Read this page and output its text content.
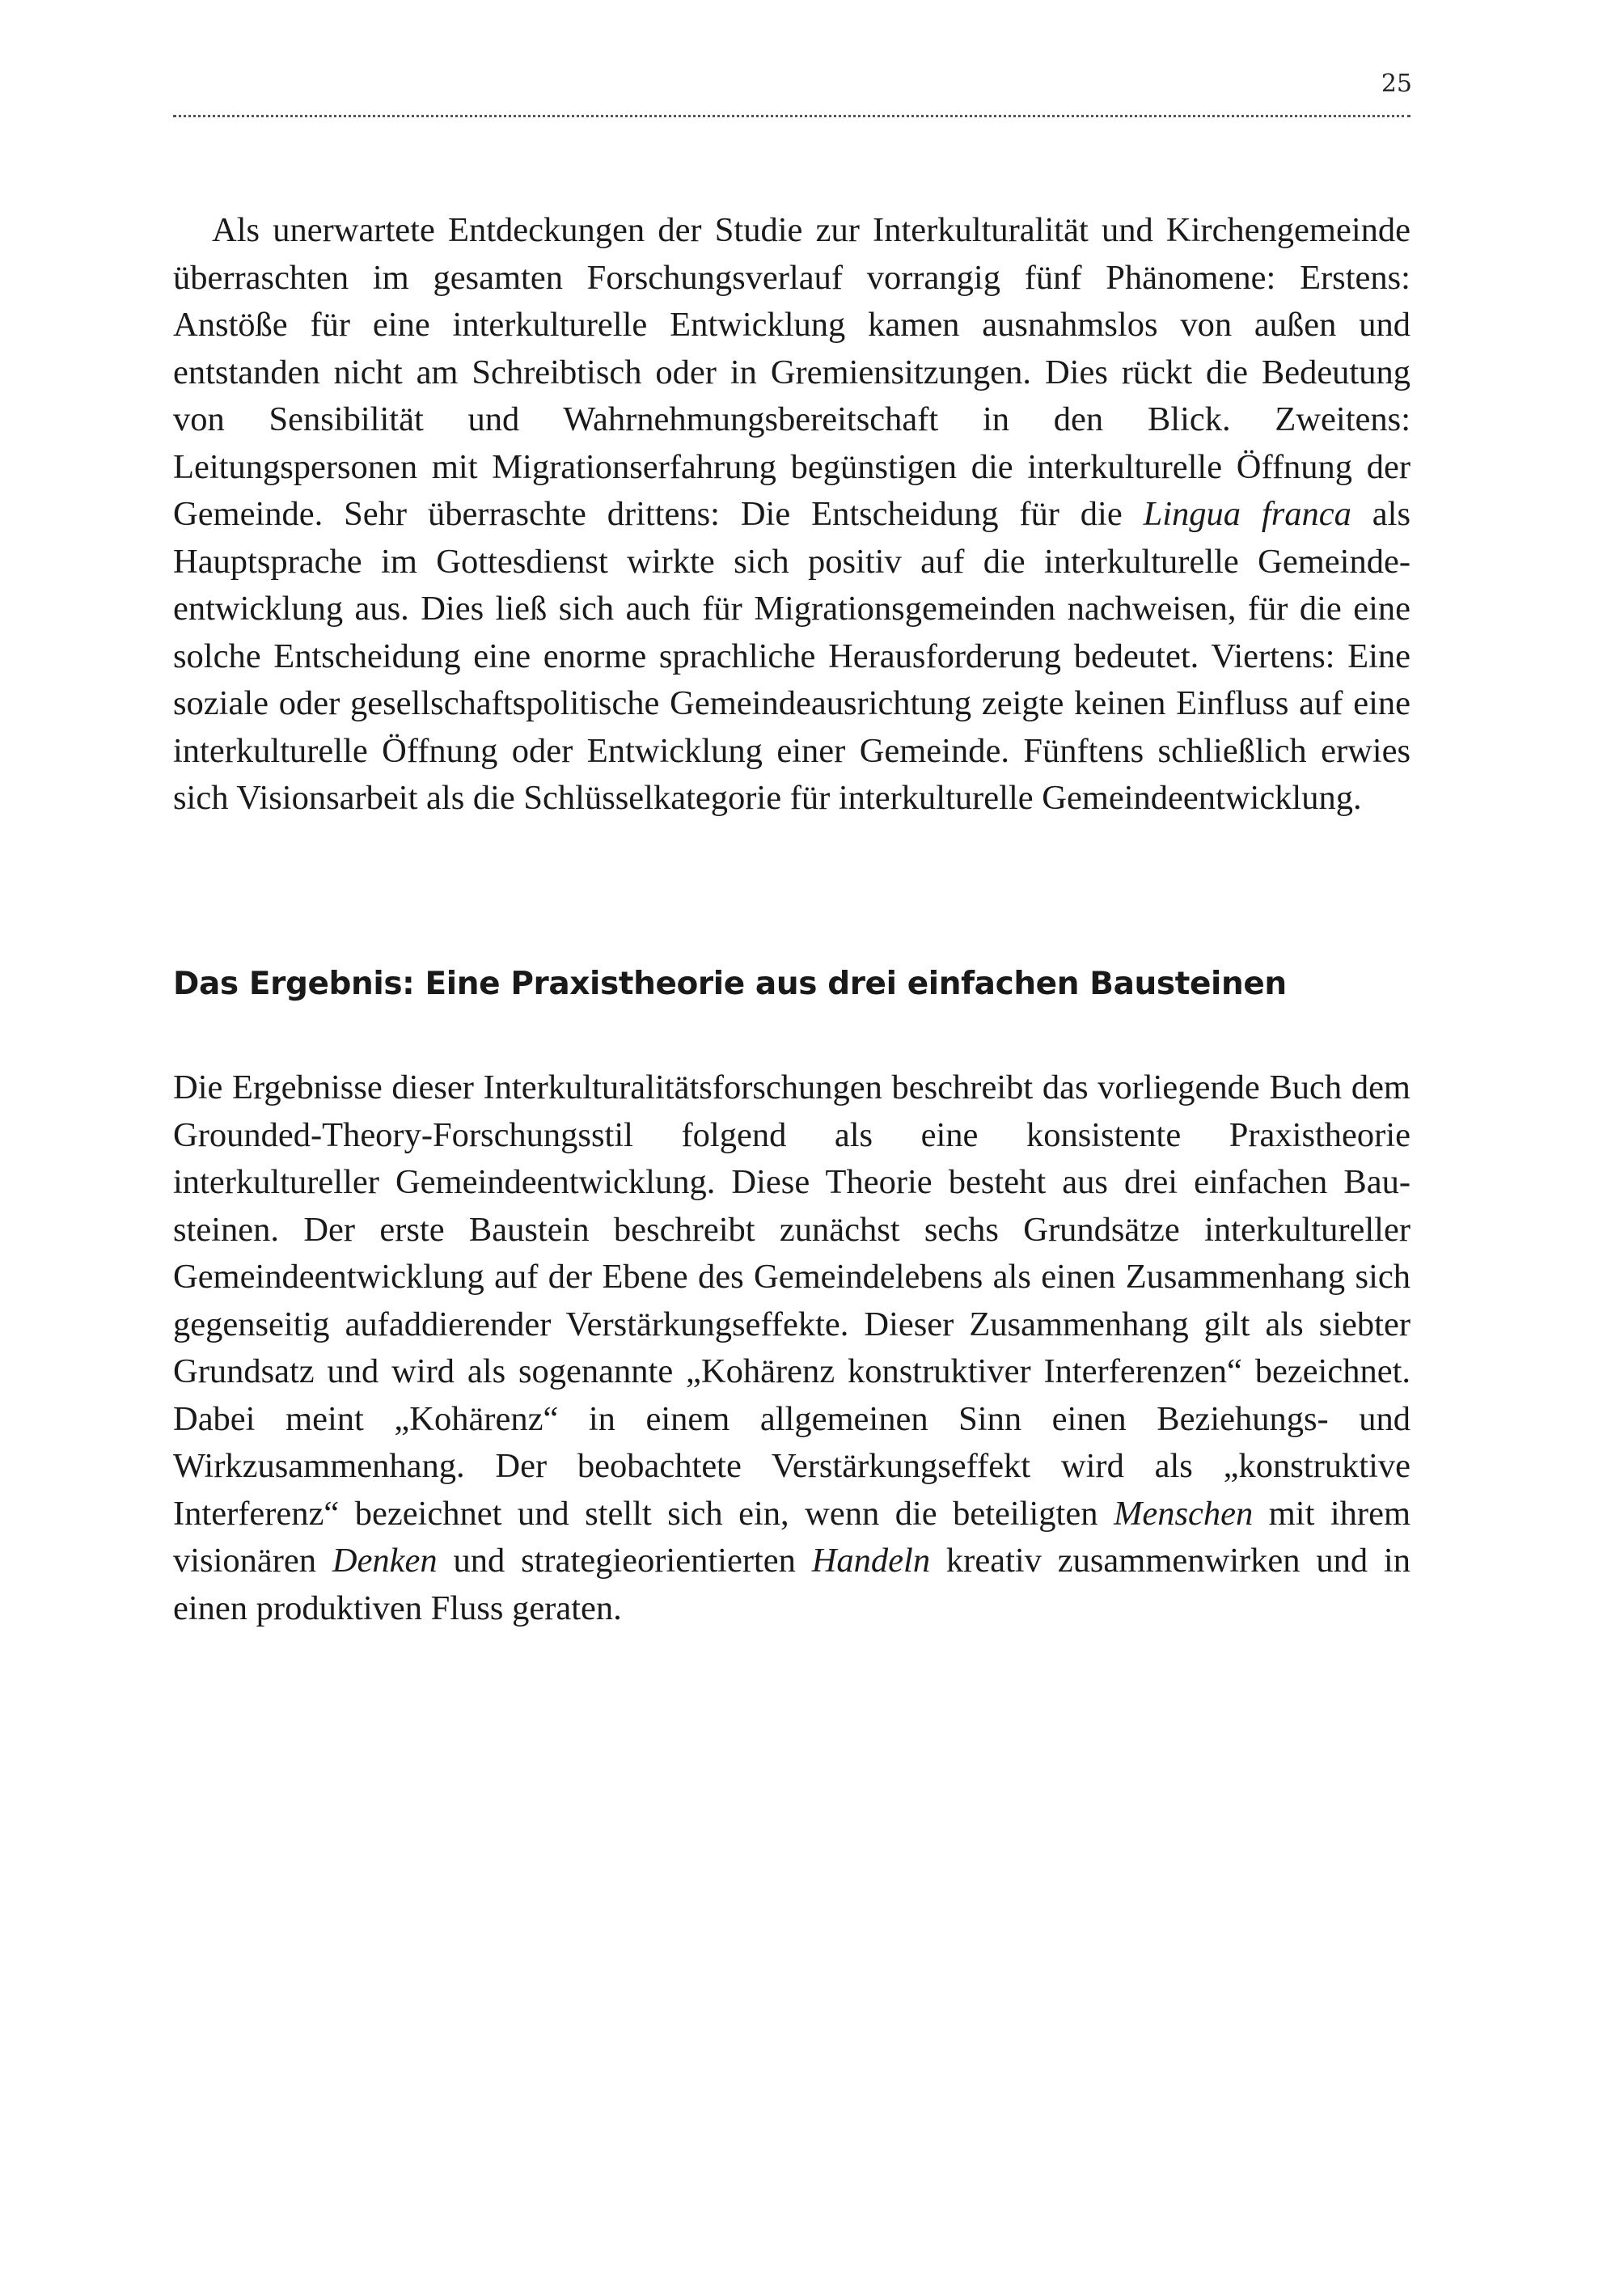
25

Als unerwartete Entdeckungen der Studie zur Interkulturalität und Kirchengemeinde überraschten im gesamten Forschungsverlauf vorrangig fünf Phänomene: Erstens: Anstöße für eine interkulturelle Entwicklung kamen ausnahmslos von außen und entstanden nicht am Schreibtisch oder in Gremiensitzungen. Dies rückt die Bedeutung von Sensibilität und Wahrnehmungsbereitschaft in den Blick. Zweitens: Leitungspersonen mit Migrationserfahrung begünstigen die interkulturelle Öffnung der Gemeinde. Sehr überraschte drittens: Die Entscheidung für die Lingua franca als Hauptsprache im Gottesdienst wirkte sich positiv auf die interkulturelle Gemeindeentwicklung aus. Dies ließ sich auch für Migrationsgemeinden nachweisen, für die eine solche Entscheidung eine enorme sprachliche Herausforderung bedeutet. Viertens: Eine soziale oder gesellschaftspolitische Gemeindeausrichtung zeigte keinen Einfluss auf eine interkulturelle Öffnung oder Entwicklung einer Gemeinde. Fünftens schließlich erwies sich Visionsarbeit als die Schlüsselkategorie für interkulturelle Gemeindeentwicklung.

Das Ergebnis: Eine Praxistheorie aus drei einfachen Bausteinen

Die Ergebnisse dieser Interkulturalitätsforschungen beschreibt das vorliegende Buch dem Grounded-Theory-Forschungsstil folgend als eine konsistente Praxistheorie interkultureller Gemeindeentwicklung. Diese Theorie besteht aus drei einfachen Bausteinen. Der erste Baustein beschreibt zunächst sechs Grundsätze interkultureller Gemeindeentwicklung auf der Ebene des Gemeindelebens als einen Zusammenhang sich gegenseitig aufaddierender Verstärkungseffekte. Dieser Zusammenhang gilt als siebter Grundsatz und wird als sogenannte „Kohärenz konstruktiver Interferenzen“ bezeichnet. Dabei meint „Kohärenz“ in einem allgemeinen Sinn einen Beziehungs- und Wirkzusammenhang. Der beobachtete Verstärkungseffekt wird als „konstruktive Interferenz“ bezeichnet und stellt sich ein, wenn die beteiligten Menschen mit ihrem visionären Denken und strategieorientierten Handeln kreativ zusammenwirken und in einen produktiven Fluss geraten.
